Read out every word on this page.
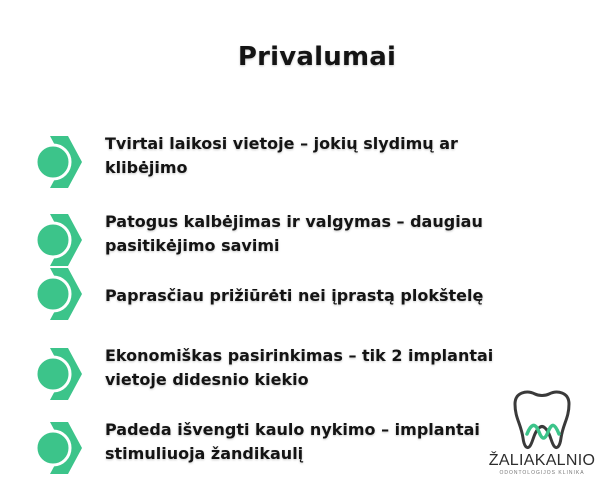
Privalumai
Tvirtai laikosi vietoje – jokių slydimų ar klibėjimo
Patogus kalbėjimas ir valgymas – daugiau pasitikėjimo savimi
Paprasčiau prižiūrėti nei įprastą plokštelę
Ekonomiškas pasirinkimas – tik 2 implantai vietoje didesnio kiekio
Padeda išvengti kaulo nykimo – implantai stimuliuoja žandikaulį	ŽALIAKALNIO
ODONTOLOGIJOS KLINIKA
